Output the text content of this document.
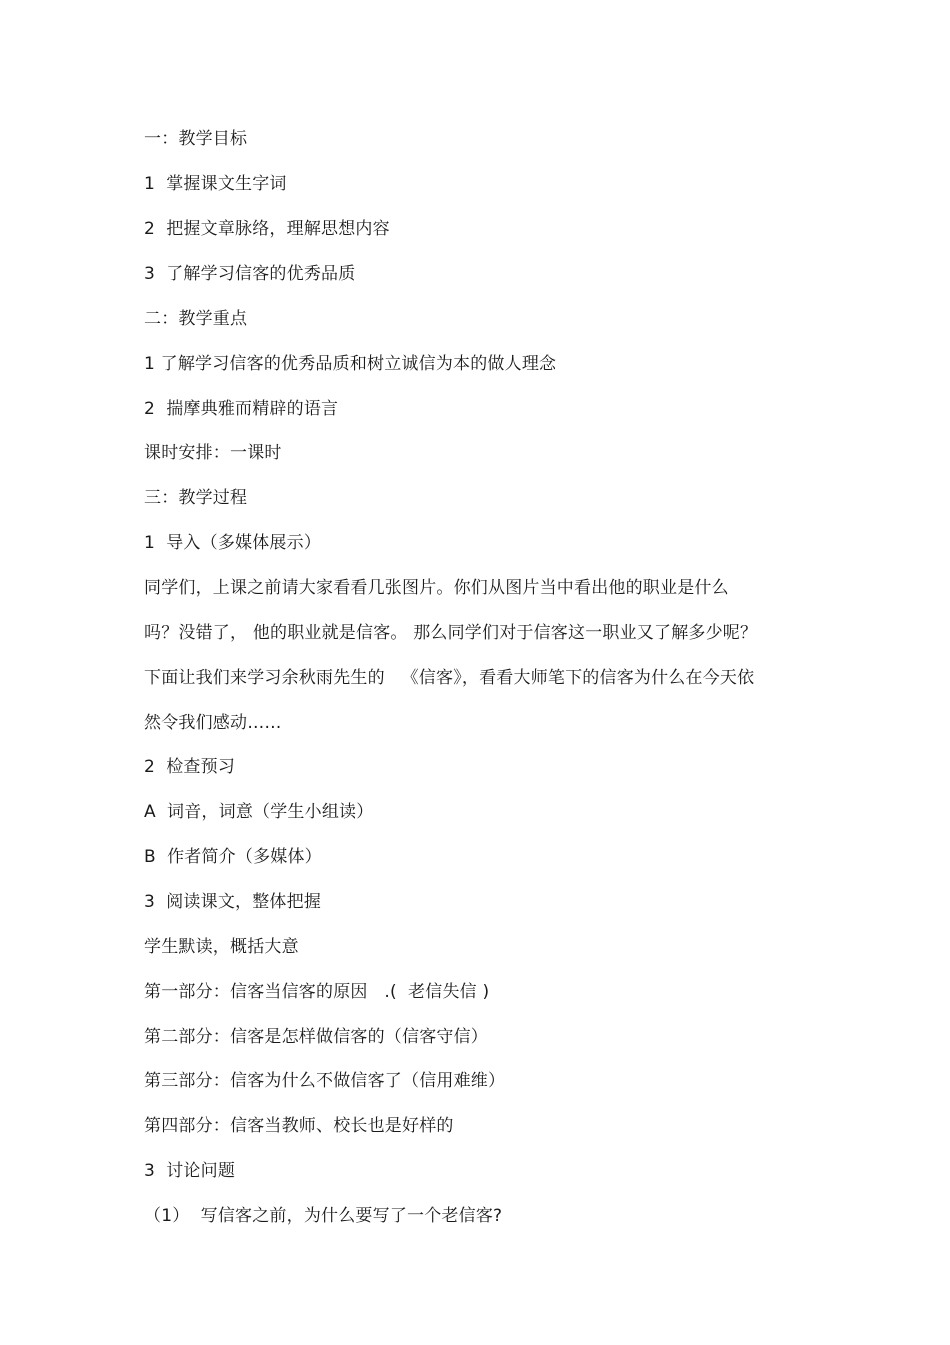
一：教学目标
1  掌握课文生字词
2  把握文章脉络，理解思想内容
3  了解学习信客的优秀品质
二：教学重点
1 了解学习信客的优秀品质和树立诚信为本的做人理念
2  揣摩典雅而精辟的语言
课时安排：一课时
三：教学过程
1  导入（多媒体展示）
同学们，上课之前请大家看看几张图片。你们从图片当中看出他的职业是什么
吗？没错了， 他的职业就是信客。 那么同学们对于信客这一职业又了解多少呢？
下面让我们来学习余秋雨先生的   《信客》，看看大师笔下的信客为什么在今天依
然令我们感动……
2  检查预习
A  词音，词意（学生小组读）
B  作者简介（多媒体）
3  阅读课文，整体把握
学生默读，概括大意
第一部分：信客当信客的原因   .(  老信失信 )
第二部分：信客是怎样做信客的（信客守信）
第三部分：信客为什么不做信客了（信用难维）
第四部分：信客当教师、校长也是好样的
3  讨论问题
（1）  写信客之前，为什么要写了一个老信客?
